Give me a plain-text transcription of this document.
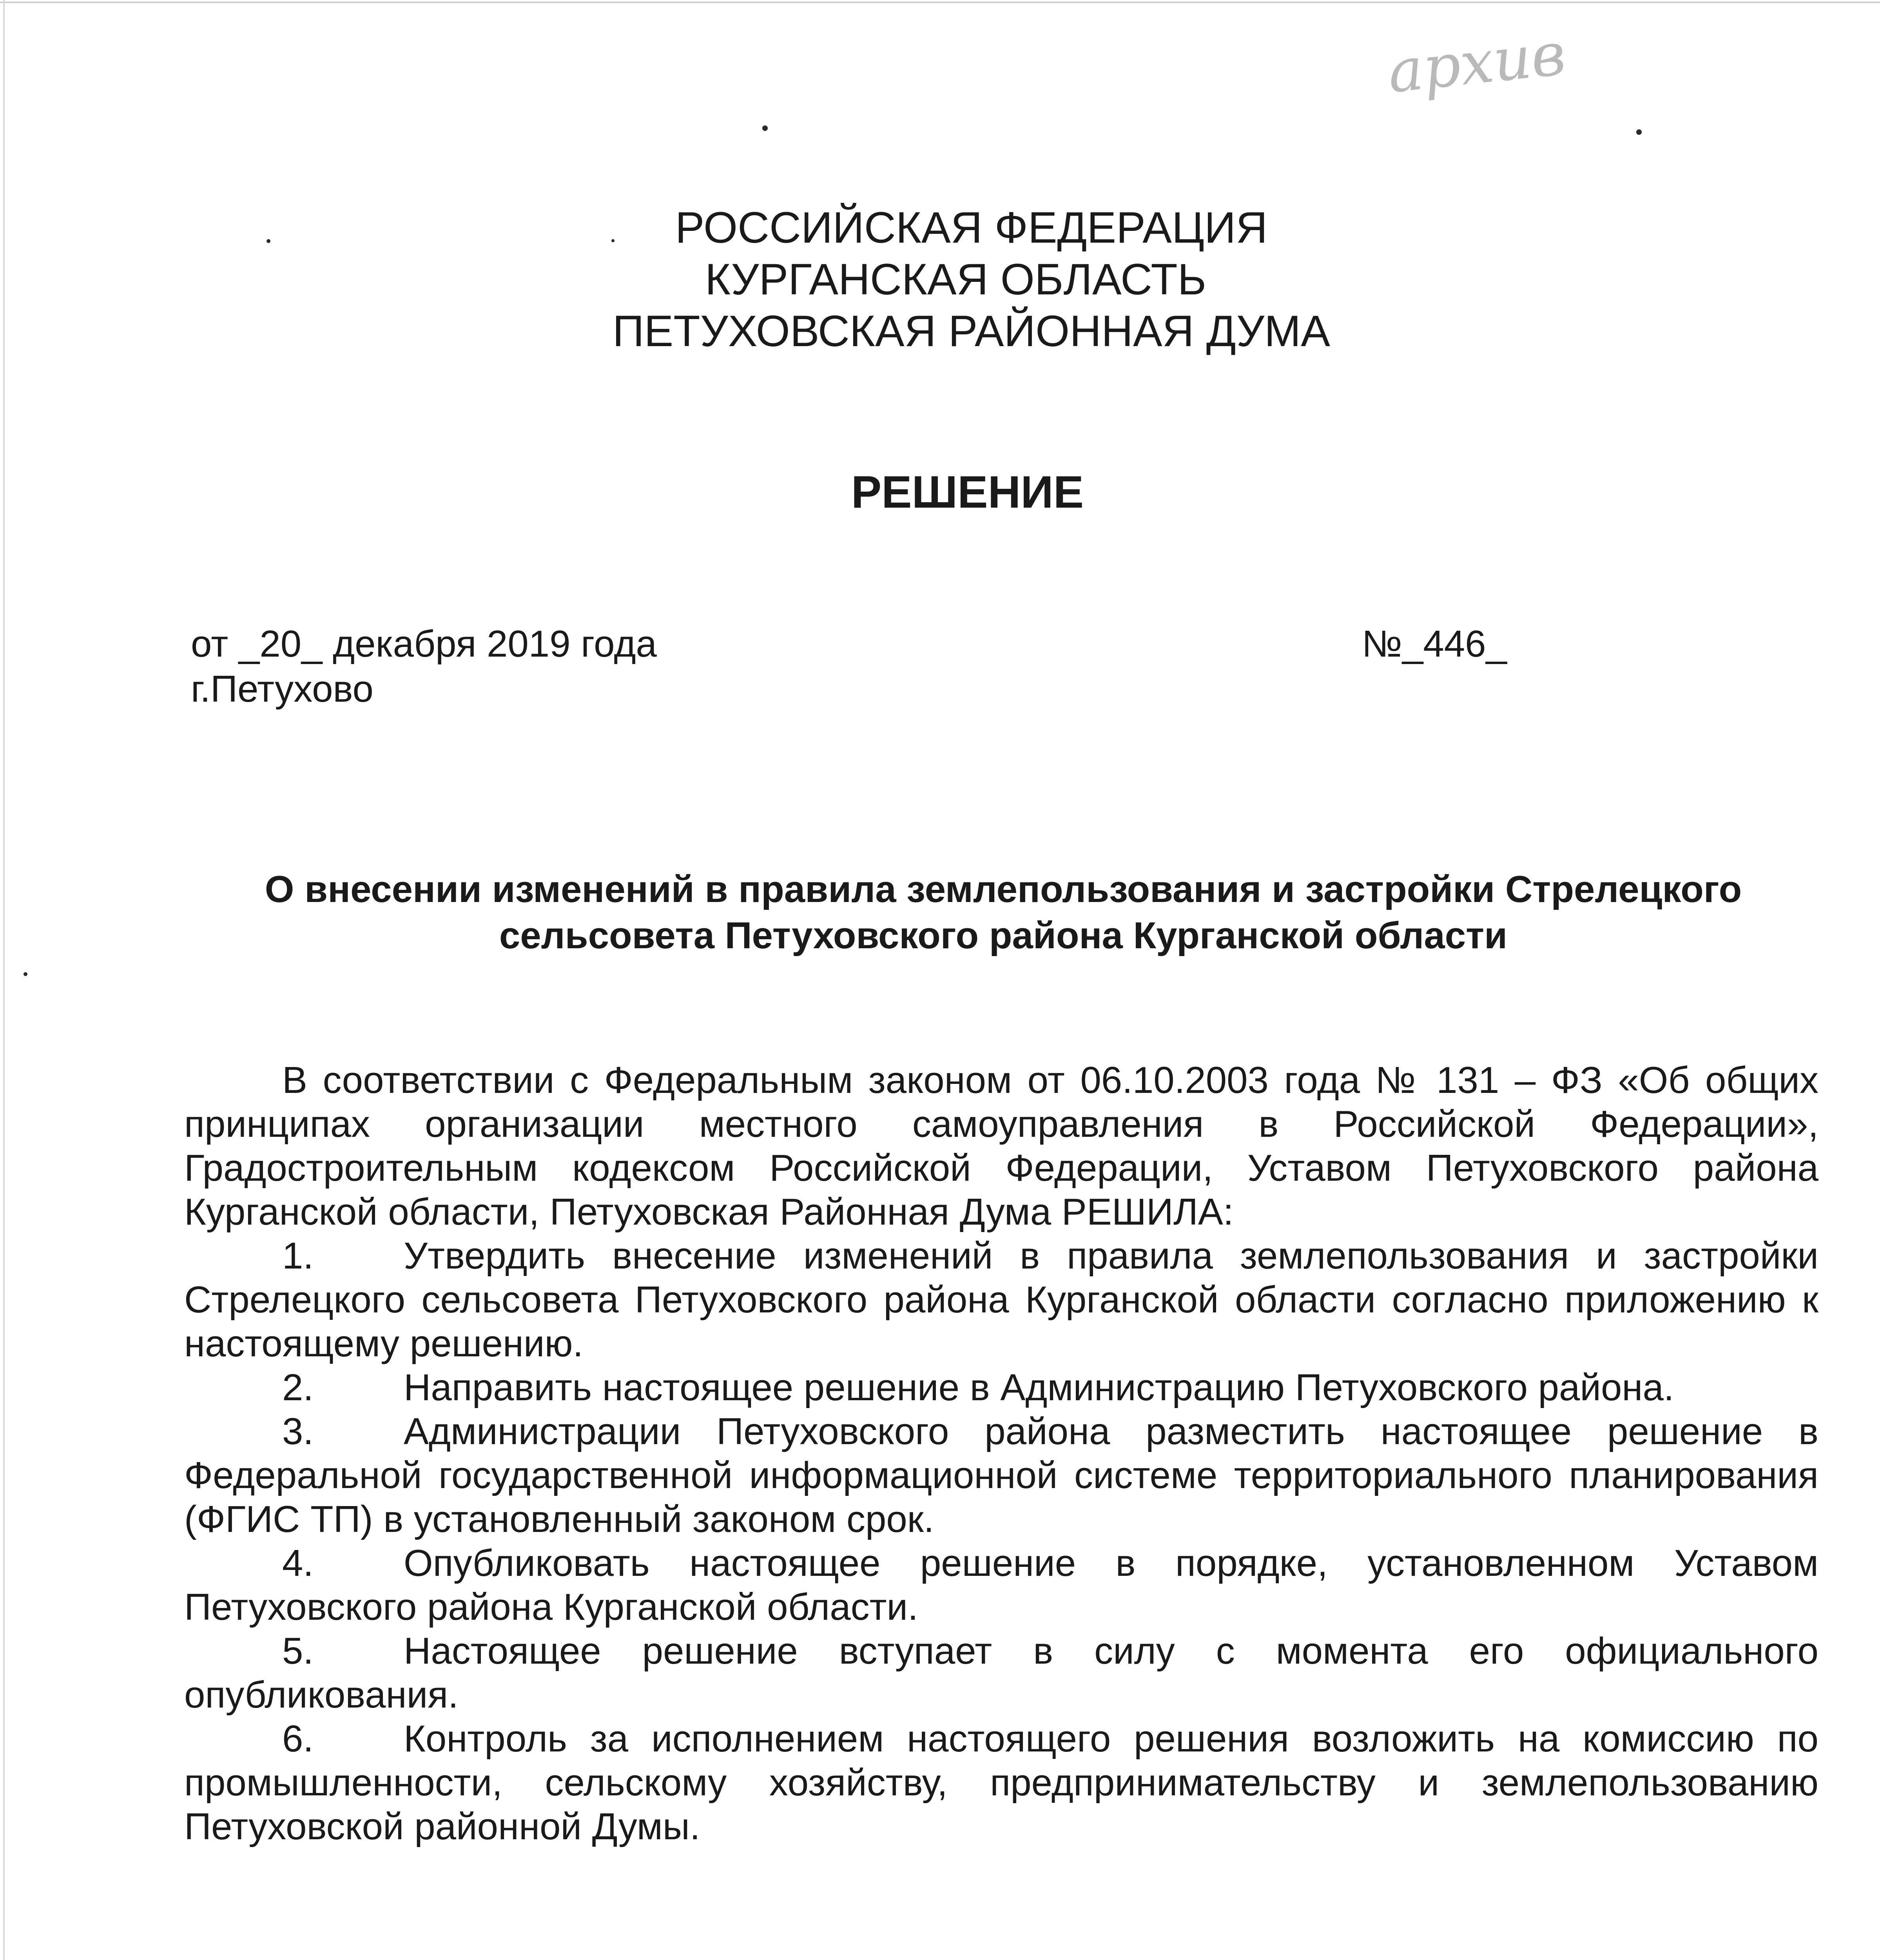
архив
РОССИЙСКАЯ ФЕДЕРАЦИЯ
КУРГАНСКАЯ ОБЛАСТЬ
ПЕТУХОВСКАЯ РАЙОННАЯ ДУМА
РЕШЕНИЕ
от _20_ декабря 2019 года
г.Петухово
№_446_
О внесении изменений в правила землепользования и застройки Стрелецкого
сельсовета Петуховского района Курганской области

В соответствии с Федеральным законом от 06.10.2003 года № 131 – ФЗ «Об общих принципах организации местного самоуправления в Российской Федерации», Градостроительным кодексом Российской Федерации, Уставом Петуховского района Курганской области, Петуховская Районная Дума РЕШИЛА:

1. Утвердить внесение изменений в правила землепользования и застройки Стрелецкого сельсовета Петуховского района Курганской области согласно приложению к настоящему решению.

2. Направить настоящее решение в Администрацию Петуховского района.

3. Администрации Петуховского района разместить настоящее решение в Федеральной государственной информационной системе территориального планирования (ФГИС ТП) в установленный законом срок.

4. Опубликовать настоящее решение в порядке, установленном Уставом Петуховского района Курганской области.

5. Настоящее решение вступает в силу с момента его официального опубликования.

6. Контроль за исполнением настоящего решения возложить на комиссию по промышленности, сельскому хозяйству, предпринимательству и землепользованию Петуховской районной Думы.
